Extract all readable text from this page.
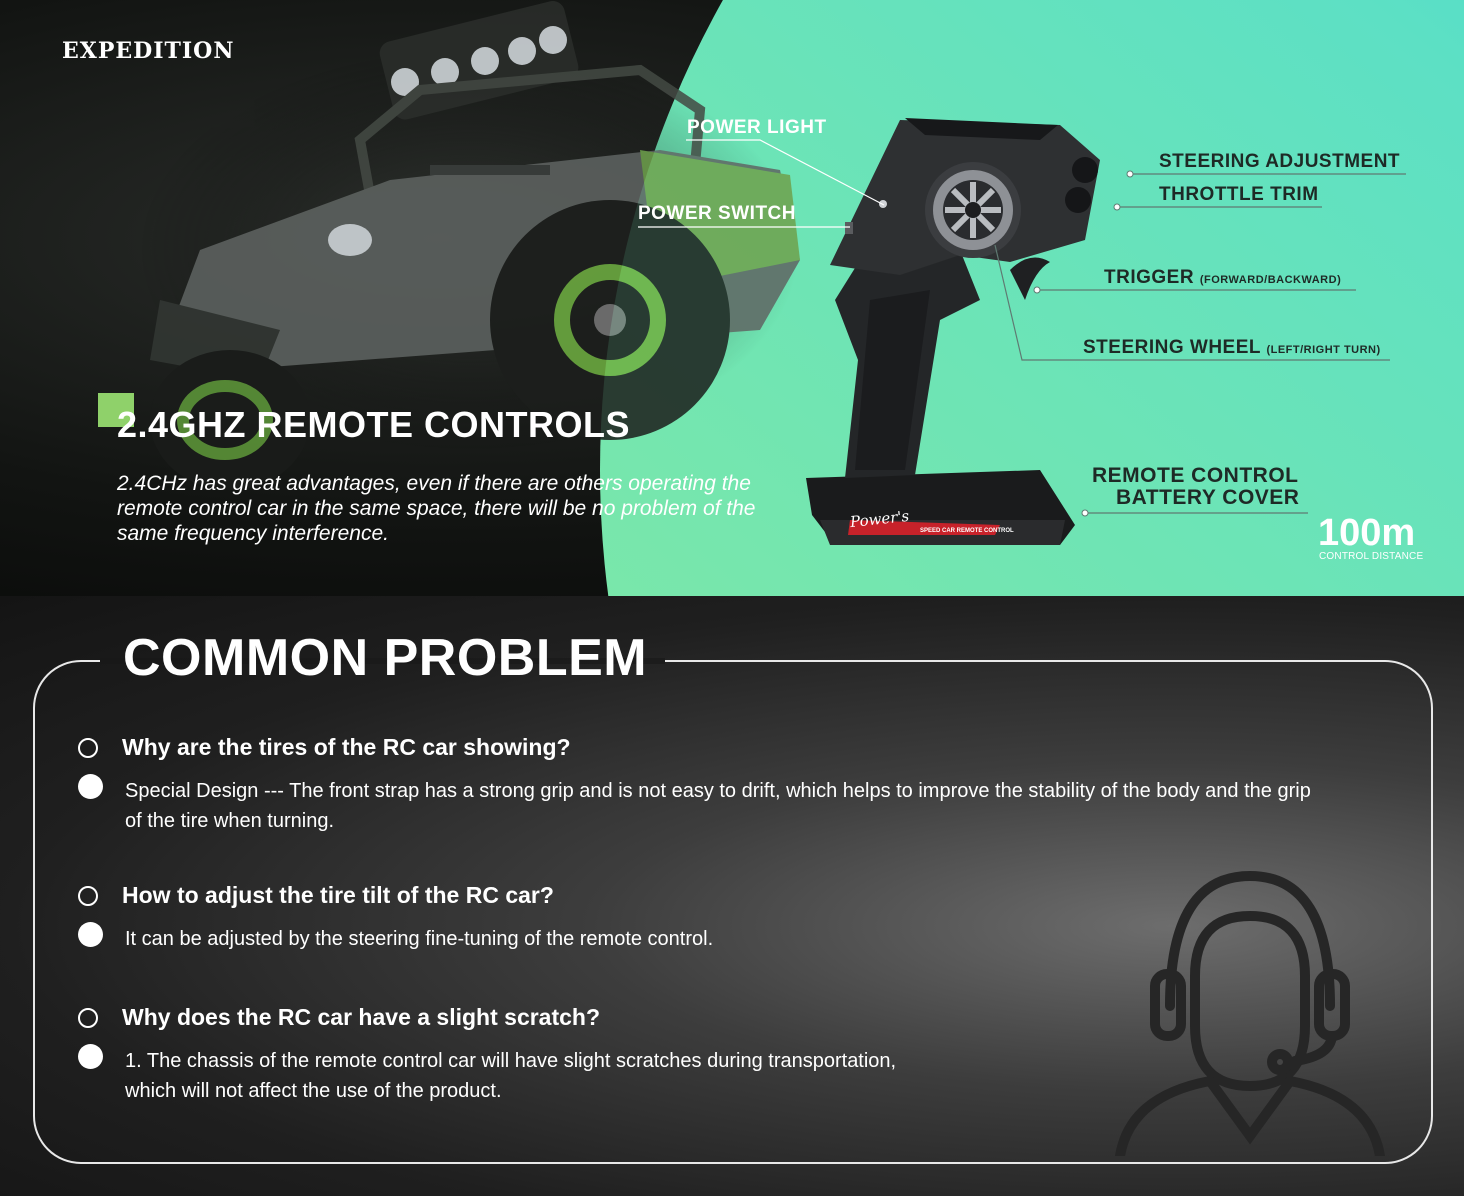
EXPEDITION
Power's SPEED CAR REMOTE CONTROL
2.4GHZ REMOTE CONTROLS

2.4CHz has great advantages, even if there are others operating the remote control car in the same space, there will be no problem of the same frequency interference.

POWER LIGHT
POWER SWITCH
STEERING ADJUSTMENT
THROTTLE TRIM
TRIGGER (FORWARD/BACKWARD)
STEERING WHEEL (LEFT/RIGHT TURN)
REMOTE CONTROL
BATTERY COVER
100m
CONTROL DISTANCE
COMMON PROBLEM
Why are the tires of the RC car showing?

Special Design --- The front strap has a strong grip and is not easy to drift, which helps to improve the stability of the body and the grip of the tire when turning.

How to adjust the tire tilt of the RC car?

It can be adjusted by the steering fine-tuning of the remote control.

Why does the RC car have a slight scratch?

1. The chassis of the remote control car will have slight scratches during transportation,
which will not affect the use of the product.
